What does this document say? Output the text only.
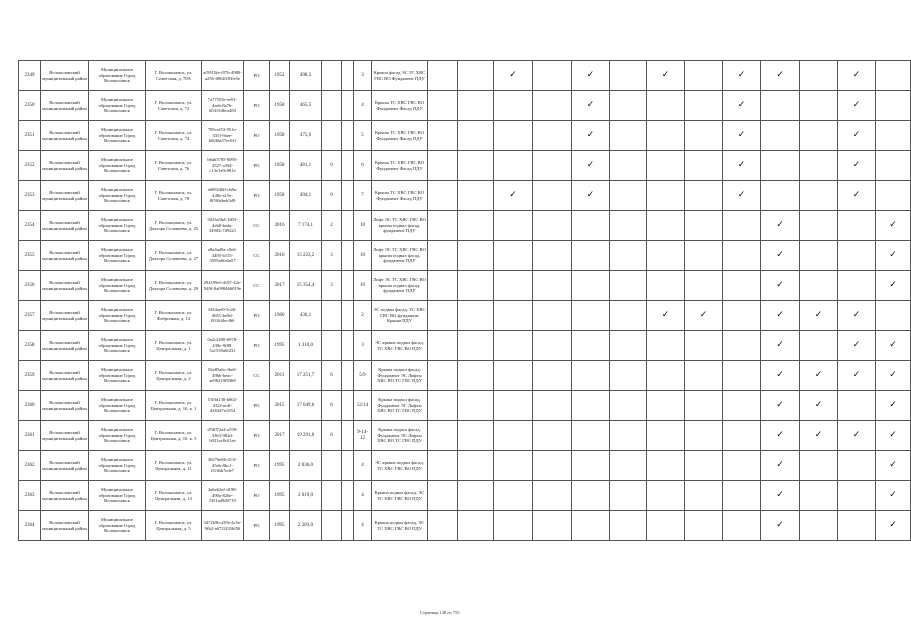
2349	Волоколамский муниципальный район	Муниципальное образование Город Волоколамск	Г. Волоколамск, ул. Советская, д. 70А	af5915fe-f07b-4980-a256-f08d1f83fe5e	РО	1952	498,3			3	Крыша фасад ЭС ТС ХВС ГВС ВО Фундамент ПДУ			✓		✓		✓		✓	✓		✓	
2350	Волоколамский муниципальный район	Муниципальное образование Город Волоколамск	Г. Волоколамск, ул. Советская, д. 72	7a77555e-ee91-4aeb-8a7b-60415d6ca483	РО	1958	465,5			4	Крыша ТС ХВС ГВС ВО Фундамент Фасад ПДУ					✓				✓			✓	
2351	Волоколамский муниципальный район	Муниципальное образование Город Волоколамск	Г. Волоколамск, ул. Советская, д. 74	785cef53-951e-435f-9aee-bfb36a57ec6f1	РО	1958	475,9			5	Крыша ТС ХВС ГВС ВО Фундамент Фасад ПДУ					✓				✓			✓	
2352	Волоколамский муниципальный район	Муниципальное образование Город Волоколамск	Г. Волоколамск, ул. Советская, д. 76	b6ab3785-0095-4527-a394-c13e1a9c981e	РО	1958	481,1	0		6	Крыша ТС ХВС ГВС ВО Фундамент Фасад ПДУ					✓				✓			✓	
2353	Волоколамский муниципальный район	Муниципальное образование Город Волоколамск	Г. Волоколамск, ул. Советская, д. 78	a6092460-cb8a-448e-a15e-8f5f6ebeb3d9	РО	1958	494,1	0		7	Крыша ТС ХВС ГВС ВО Фундамент Фасад ПДУ			✓		✓				✓			✓	
2354	Волоколамский муниципальный район	Муниципальное образование Город Волоколамск	Г. Волоколамск, ул. Доктора Соловьева, д. 25	5023a5bd-1d03-4eb8-beda-34902c7d9221	СС	2016	7 174,1	2		10	Лифт ЭС ТС ХВС ГВС ВО крыша подвал фасад, фундамент ПДУ										✓			✓
2355	Волоколамский муниципальный район	Муниципальное образование Город Волоколамск	Г. Волоколамск, ул. Доктора Соловьева, д. 27	a8a4ad9a-c9e6-4495-b155-3595a6fa6a57	СС	2016	15 223,2	3		10	Лифт ЭС ТС ХВС ГВС ВО крыша подвал фасад, фундамент ПДУ										✓			✓
2356	Волоколамский муниципальный район	Муниципальное образование Город Волоколамск	Г. Волоколамск, ул. Доктора Соловьева, д. 29	294199ef-d167-42e-949f-8a098466019e	СС	2017	15 354,4	3		10	Лифт ЭС ТС ХВС ГВС ВО крыша подвал фасад, фундамент ПДУ										✓			✓
2357	Волоколамский муниципальный район	Муниципальное образование Город Волоколамск	Г. Волоколамск, ул. Фабричная, д. 14	6f34aef9-5c26-4651-be9d-f5f16f4ecf66	РО	1960	436,1			2	ЭС подвал фасад, ТС ХВС ГВС ВО фундамент Крыша ПДУ							✓	✓		✓	✓	✓	
2358	Волоколамский муниципальный район	Муниципальное образование Город Волоколамск	Г. Волоколамск, ул. Центральная, д. 1	0a2c2490-6978-439e-9f88-5a1539a6f231	РО	1995	1 310,0			3	ЭС крыша подвал фасад, ТС ХВС ГВС ВО ПДУ										✓		✓	✓
2359	Волоколамский муниципальный район	Муниципальное образование Город Волоколамск	Г. Волоколамск, ул. Центральная, д. 2	02a85a6c-fbe0-49bb-beac-ae96419f9368	СС	2011	17 251,7	6		5/9	Крыша подвал фасад, Фундамент ЭС Лифты ХВС ВО ТС ГВС ПДУ										✓	✓	✓	✓
2360	Волоколамский муниципальный район	Муниципальное образование Город Волоколамск	Г. Волоколамск, ул. Центральная, д. 10, к. 1	510fd130-b802-432f-ac4f-d263d7e1034	РО	2015	17 649,6	6		12/14	Крыша подвал фасад, Фундамент ЭС Лифты ХВС ВО ТС ГВС ПДУ										✓	✓		✓
2361	Волоколамский муниципальный район	Муниципальное образование Город Волоколамск	Г. Волоколамск, ул. Центральная, д. 10, к. 3	d7d072a4-a559-4363-982d-b921ac8c61ae	РО	2017	19 291,0	6		9-14-12	Крыша подвал фасад, Фундамент ЭС Лифты ХВС ВО ТС ГВС ПДУ										✓	✓	✓	✓
2362	Волоколамский муниципальный район	Муниципальное образование Город Волоколамск	Г. Волоколамск, ул. Центральная, д. 11	30276e66-411f-45eb-8bc1-ff13bb7ede7	РО	1995	2 036,0			4	ЭС крыша подвал фасад, ТС ХВС ГВС ВО ПДУ										✓			✓
2363	Волоколамский муниципальный район	Муниципальное образование Город Волоколамск	Г. Волоколамск, ул. Центральная, д. 13	2a6e62ef-d198-490a-826e-5f51ad9d9719	РО	1995	2 619,0			4	Крыша подвал фасад, ЭС ТС ХВС ГВС ВО ПДУ										✓			✓
2364	Волоколамский муниципальный район	Муниципальное образование Город Волоколамск	Г. Волоколамск, ул. Центральная, д. 5	3472b9b-a59e-4c5e-9fb2-a6722f356f56	РО	1995	2 283,0			4	Крыша подвал фасад, ЭС ТС ХВС ГВС ВО ПДУ										✓			✓
Страница 148 из 755
